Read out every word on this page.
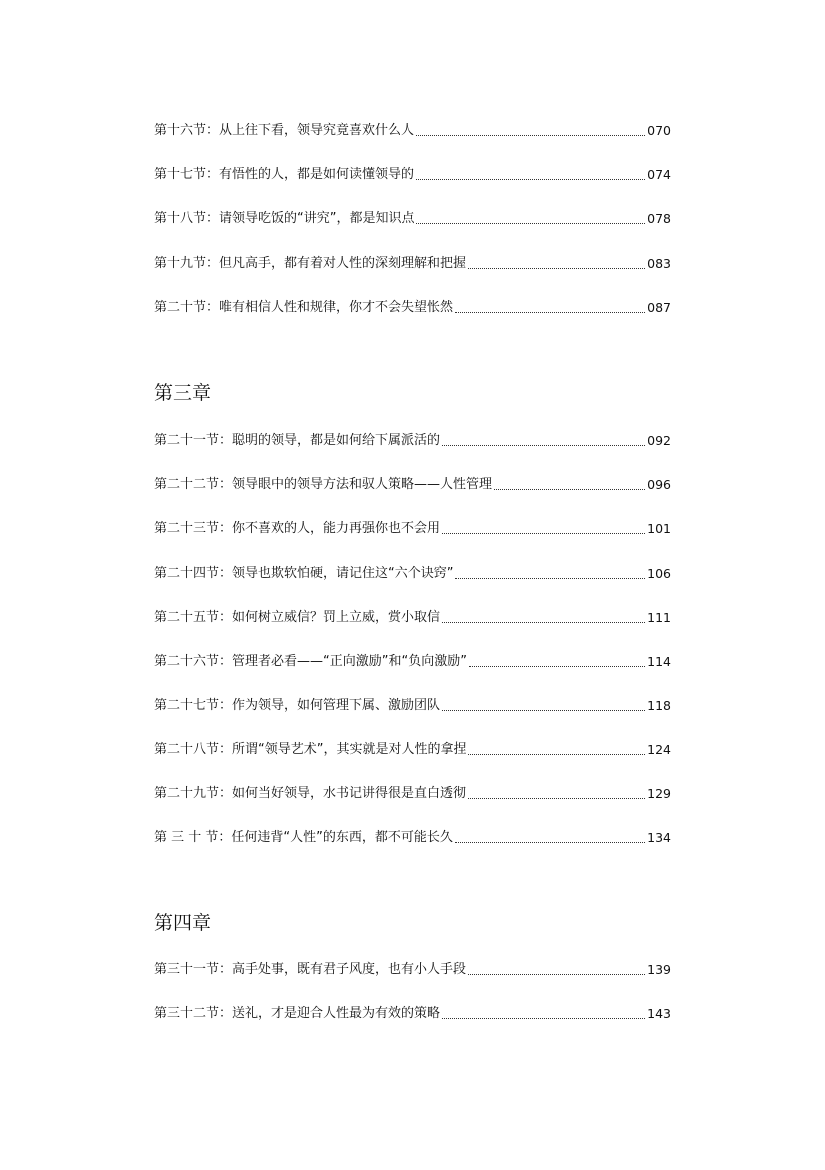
第十六节：从上往下看，领导究竟喜欢什么人	070
第十七节：有悟性的人，都是如何读懂领导的	074
第十八节：请领导吃饭的“讲究”，都是知识点	078
第十九节：但凡高手，都有着对人性的深刻理解和把握	083
第二十节：唯有相信人性和规律，你才不会失望怅然	087
第三章
第二十一节：聪明的领导，都是如何给下属派活的	092
第二十二节：领导眼中的领导方法和驭人策略——人性管理	096
第二十三节：你不喜欢的人，能力再强你也不会用	101
第二十四节：领导也欺软怕硬，请记住这“六个诀窍”	106
第二十五节：如何树立威信？罚上立威，赏小取信	111
第二十六节：管理者必看——“正向激励”和“负向激励”	114
第二十七节：作为领导，如何管理下属、激励团队	118
第二十八节：所谓“领导艺术”，其实就是对人性的拿捏	124
第二十九节：如何当好领导，水书记讲得很是直白透彻	129
第 三 十 节：任何违背“人性”的东西，都不可能长久	134
第四章
第三十一节：高手处事，既有君子风度，也有小人手段	139
第三十二节：送礼，才是迎合人性最为有效的策略	143
